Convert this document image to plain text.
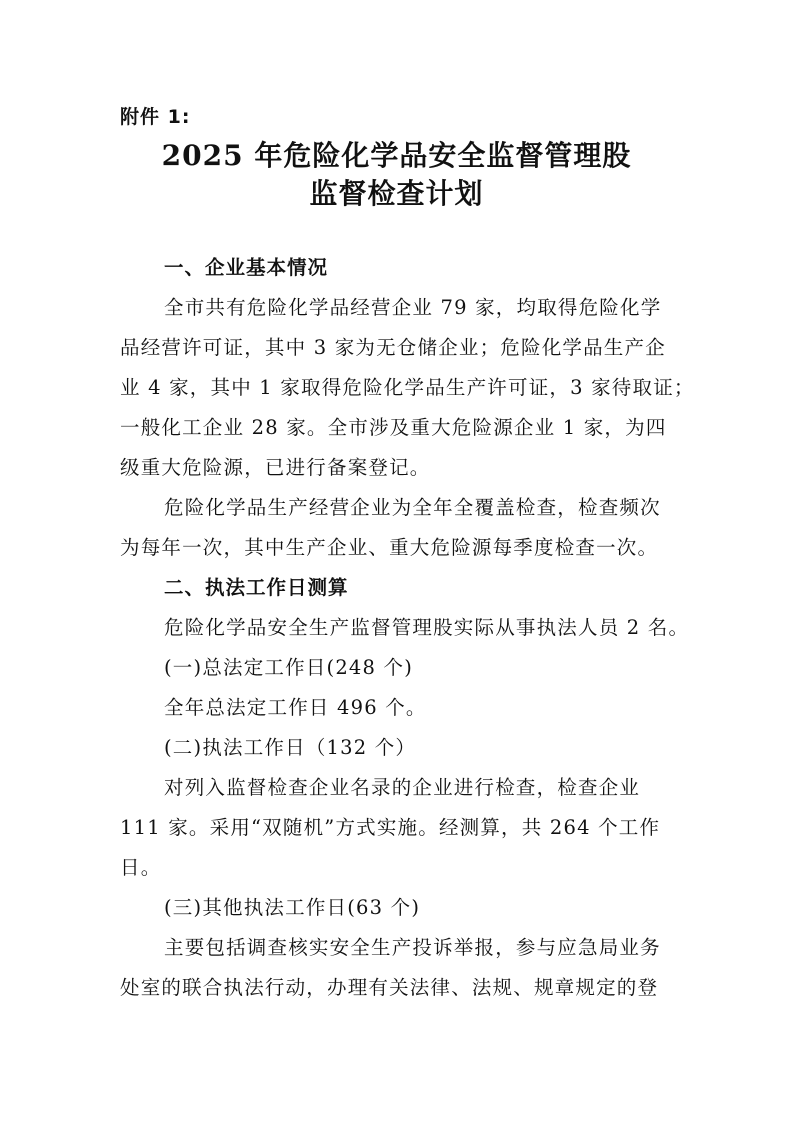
附件 1:
2025 年危险化学品安全监督管理股
监督检查计划
一、企业基本情况
全市共有危险化学品经营企业 79 家，均取得危险化学
品经营许可证，其中 3 家为无仓储企业；危险化学品生产企
业 4 家，其中 1 家取得危险化学品生产许可证，3 家待取证；
一般化工企业 28 家。全市涉及重大危险源企业 1 家，为四
级重大危险源，已进行备案登记。
危险化学品生产经营企业为全年全覆盖检查，检查频次
为每年一次，其中生产企业、重大危险源每季度检查一次。
二、执法工作日测算
危险化学品安全生产监督管理股实际从事执法人员 2 名。
(一)总法定工作日(248 个)
全年总法定工作日 496 个。
(二)执法工作日（132 个）
对列入监督检查企业名录的企业进行检查，检查企业
111 家。采用“双随机”方式实施。经测算，共 264 个工作
日。
(三)其他执法工作日(63 个)
主要包括调查核实安全生产投诉举报，参与应急局业务
处室的联合执法行动，办理有关法律、法规、规章规定的登
